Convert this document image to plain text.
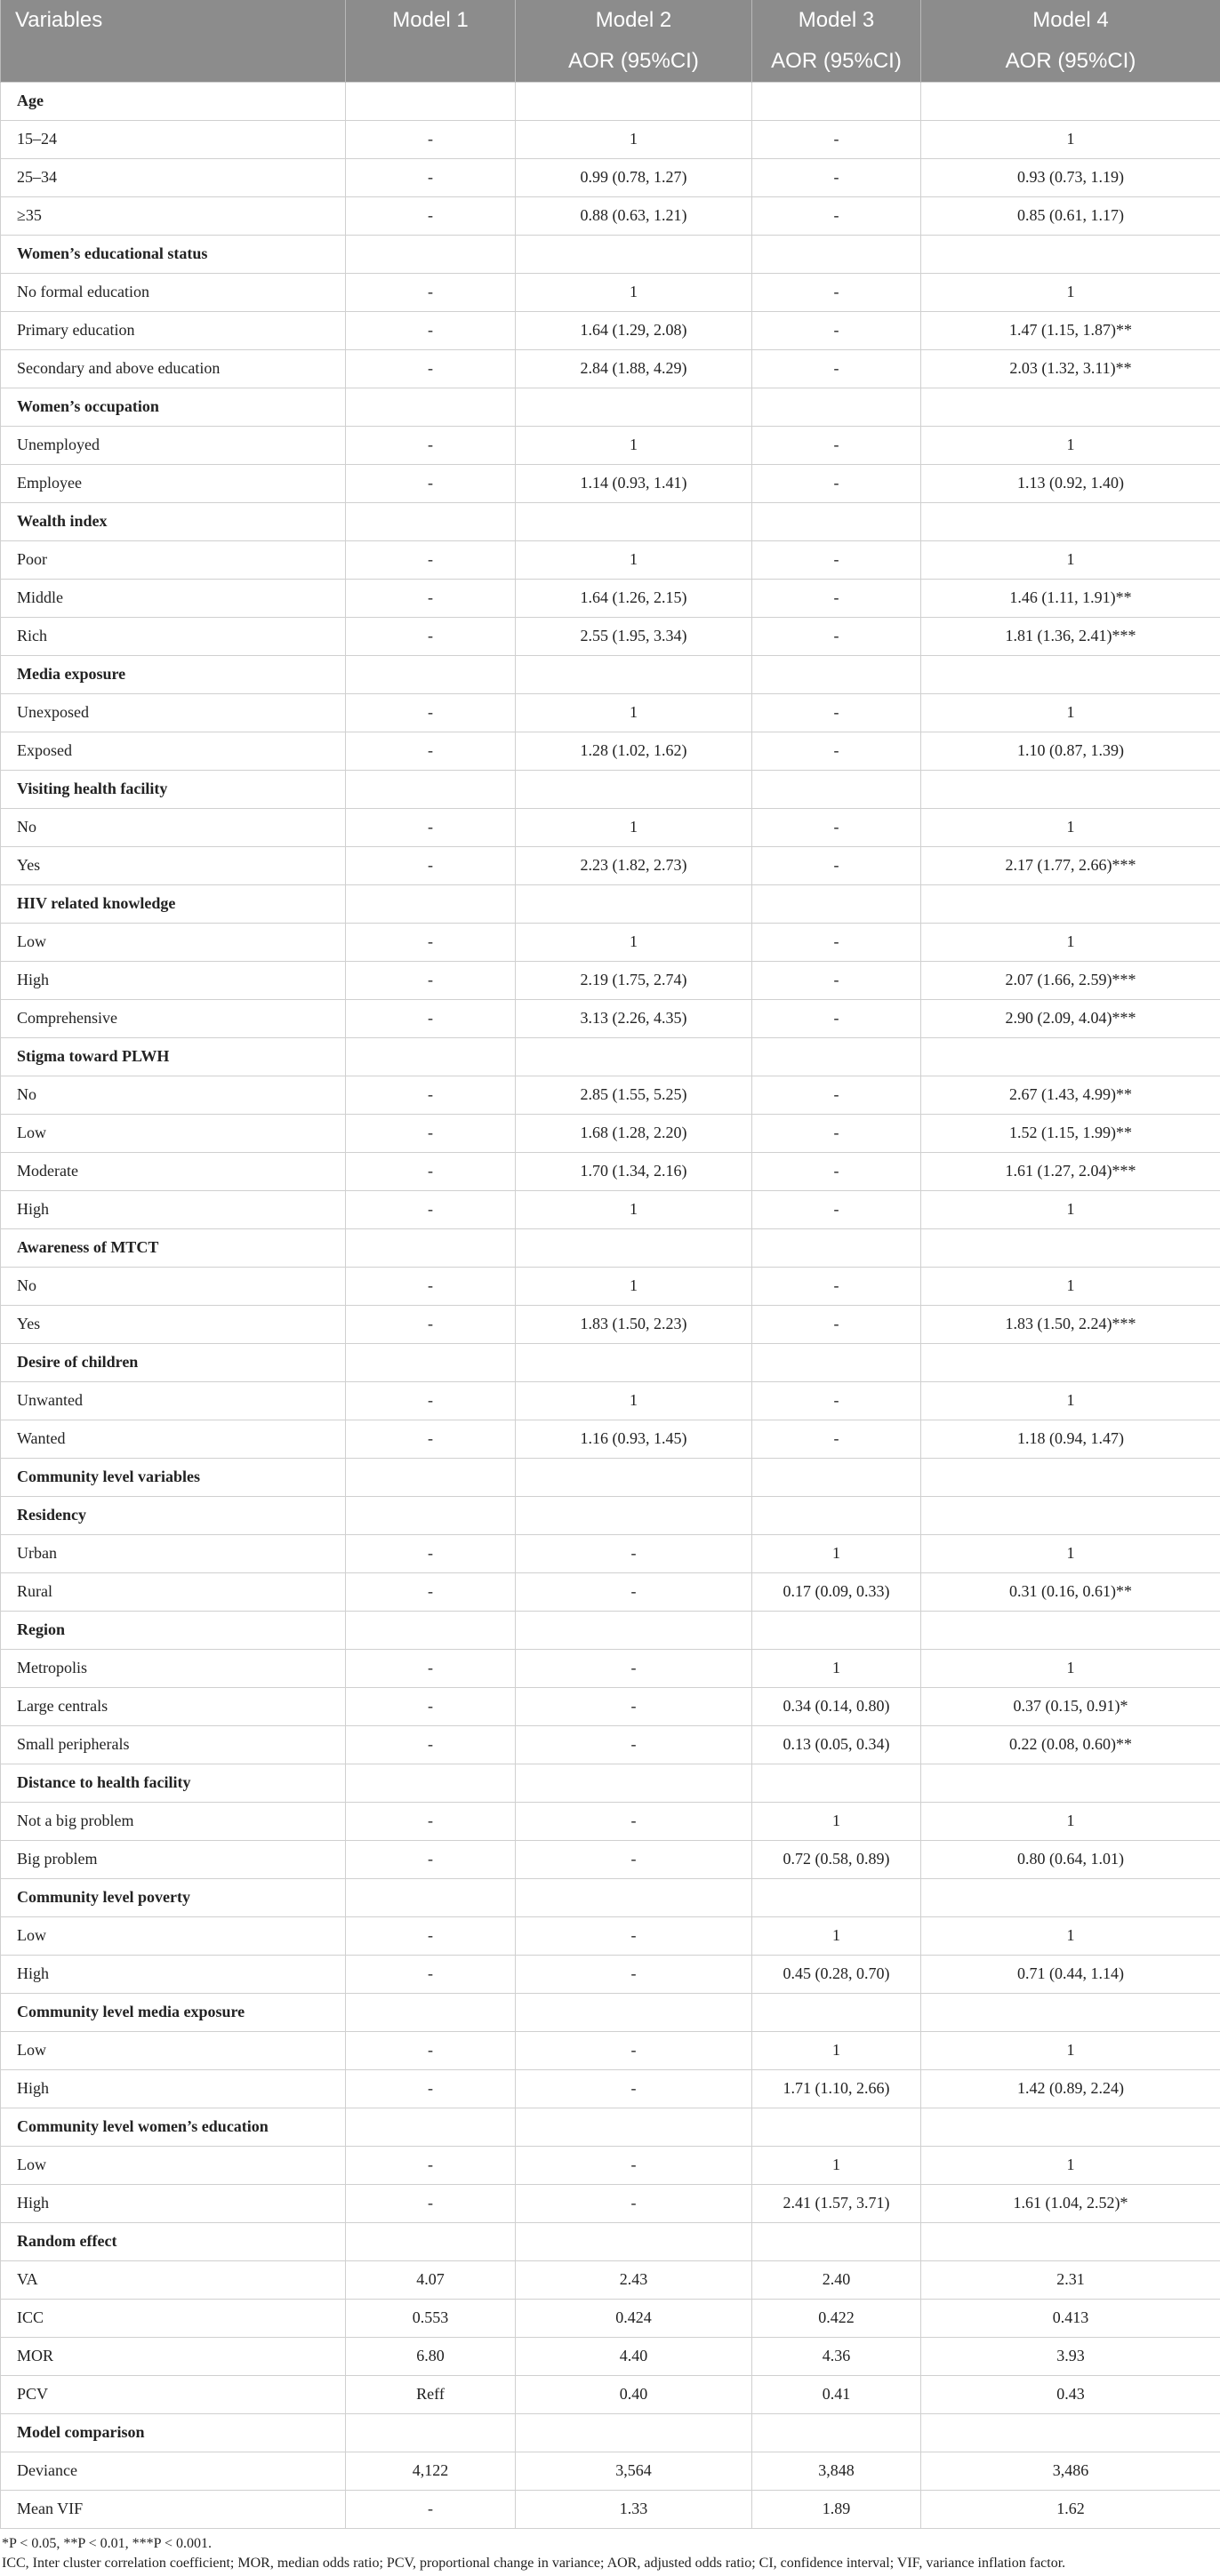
Variables	Model 1	Model 2	Model 3	Model 4
		AOR (95%CI)	AOR (95%CI)	AOR (95%CI)
Age				
15–24	-	1	-	1
25–34	-	0.99 (0.78, 1.27)	-	0.93 (0.73, 1.19)
≥35	-	0.88 (0.63, 1.21)	-	0.85 (0.61, 1.17)
Women’s educational status				
No formal education	-	1	-	1
Primary education	-	1.64 (1.29, 2.08)	-	1.47 (1.15, 1.87)**
Secondary and above education	-	2.84 (1.88, 4.29)	-	2.03 (1.32, 3.11)**
Women’s occupation				
Unemployed	-	1	-	1
Employee	-	1.14 (0.93, 1.41)	-	1.13 (0.92, 1.40)
Wealth index				
Poor	-	1	-	1
Middle	-	1.64 (1.26, 2.15)	-	1.46 (1.11, 1.91)**
Rich	-	2.55 (1.95, 3.34)	-	1.81 (1.36, 2.41)***
Media exposure				
Unexposed	-	1	-	1
Exposed	-	1.28 (1.02, 1.62)	-	1.10 (0.87, 1.39)
Visiting health facility				
No	-	1	-	1
Yes	-	2.23 (1.82, 2.73)	-	2.17 (1.77, 2.66)***
HIV related knowledge				
Low	-	1	-	1
High	-	2.19 (1.75, 2.74)	-	2.07 (1.66, 2.59)***
Comprehensive	-	3.13 (2.26, 4.35)	-	2.90 (2.09, 4.04)***
Stigma toward PLWH				
No	-	2.85 (1.55, 5.25)	-	2.67 (1.43, 4.99)**
Low	-	1.68 (1.28, 2.20)	-	1.52 (1.15, 1.99)**
Moderate	-	1.70 (1.34, 2.16)	-	1.61 (1.27, 2.04)***
High	-	1	-	1
Awareness of MTCT				
No	-	1	-	1
Yes	-	1.83 (1.50, 2.23)	-	1.83 (1.50, 2.24)***
Desire of children				
Unwanted	-	1	-	1
Wanted	-	1.16 (0.93, 1.45)	-	1.18 (0.94, 1.47)
Community level variables				
Residency				
Urban	-	-	1	1
Rural	-	-	0.17 (0.09, 0.33)	0.31 (0.16, 0.61)**
Region				
Metropolis	-	-	1	1
Large centrals	-	-	0.34 (0.14, 0.80)	0.37 (0.15, 0.91)*
Small peripherals	-	-	0.13 (0.05, 0.34)	0.22 (0.08, 0.60)**
Distance to health facility				
Not a big problem	-	-	1	1
Big problem	-	-	0.72 (0.58, 0.89)	0.80 (0.64, 1.01)
Community level poverty				
Low	-	-	1	1
High	-	-	0.45 (0.28, 0.70)	0.71 (0.44, 1.14)
Community level media exposure				
Low	-	-	1	1
High	-	-	1.71 (1.10, 2.66)	1.42 (0.89, 2.24)
Community level women’s education				
Low	-	-	1	1
High	-	-	2.41 (1.57, 3.71)	1.61 (1.04, 2.52)*
Random effect				
VA	4.07	2.43	2.40	2.31
ICC	0.553	0.424	0.422	0.413
MOR	6.80	4.40	4.36	3.93
PCV	Reff	0.40	0.41	0.43
Model comparison				
Deviance	4,122	3,564	3,848	3,486
Mean VIF	-	1.33	1.89	1.62

*P < 0.05, **P < 0.01, ***P < 0.001.

ICC, Inter cluster correlation coefficient; MOR, median odds ratio; PCV, proportional change in variance; AOR, adjusted odds ratio; CI, confidence interval; VIF, variance inflation factor.
